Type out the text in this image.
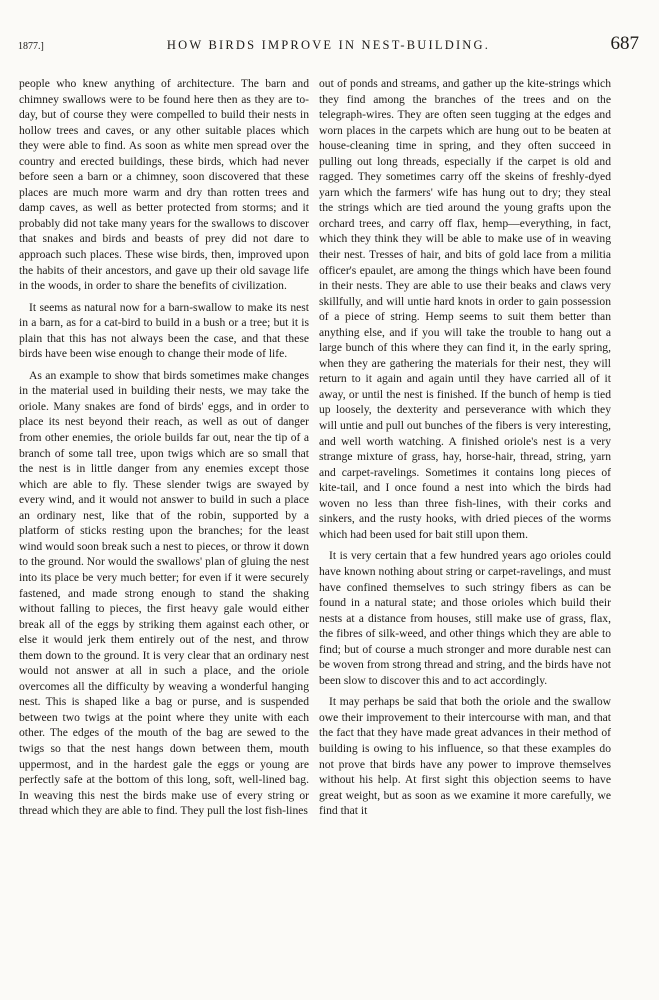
1877.]	HOW BIRDS IMPROVE IN NEST-BUILDING.	687

people who knew anything of architecture. The barn and chimney swallows were to be found here then as they are to-day, but of course they were compelled to build their nests in hollow trees and caves, or any other suitable places which they were able to find. As soon as white men spread over the country and erected buildings, these birds, which had never before seen a barn or a chimney, soon discovered that these places are much more warm and dry than rotten trees and damp caves, as well as better protected from storms; and it probably did not take many years for the swallows to discover that snakes and birds and beasts of prey did not dare to approach such places. These wise birds, then, improved upon the habits of their ancestors, and gave up their old savage life in the woods, in order to share the benefits of civilization.

It seems as natural now for a barn-swallow to make its nest in a barn, as for a cat-bird to build in a bush or a tree; but it is plain that this has not always been the case, and that these birds have been wise enough to change their mode of life.

As an example to show that birds sometimes make changes in the material used in building their nests, we may take the oriole. Many snakes are fond of birds' eggs, and in order to place its nest beyond their reach, as well as out of danger from other enemies, the oriole builds far out, near the tip of a branch of some tall tree, upon twigs which are so small that the nest is in little danger from any enemies except those which are able to fly. These slender twigs are swayed by every wind, and it would not answer to build in such a place an ordinary nest, like that of the robin, supported by a platform of sticks resting upon the branches; for the least wind would soon break such a nest to pieces, or throw it down to the ground. Nor would the swallows' plan of gluing the nest into its place be very much better; for even if it were securely fastened, and made strong enough to stand the shaking without falling to pieces, the first heavy gale would either break all of the eggs by striking them against each other, or else it would jerk them entirely out of the nest, and throw them down to the ground. It is very clear that an ordinary nest would not answer at all in such a place, and the oriole overcomes all the difficulty by weaving a wonderful hanging nest. This is shaped like a bag or purse, and is suspended between two twigs at the point where they unite with each other. The edges of the mouth of the bag are sewed to the twigs so that the nest hangs down between them, mouth uppermost, and in the hardest gale the eggs or young are perfectly safe at the bottom of this long, soft, well-lined bag. In weaving this nest the birds make use of every string or thread which they are able to find. They pull the lost fish-lines

out of ponds and streams, and gather up the kite-strings which they find among the branches of the trees and on the telegraph-wires. They are often seen tugging at the edges and worn places in the carpets which are hung out to be beaten at house-cleaning time in spring, and they often succeed in pulling out long threads, especially if the carpet is old and ragged. They sometimes carry off the skeins of freshly-dyed yarn which the farmers' wife has hung out to dry; they steal the strings which are tied around the young grafts upon the orchard trees, and carry off flax, hemp—everything, in fact, which they think they will be able to make use of in weaving their nest. Tresses of hair, and bits of gold lace from a militia officer's epaulet, are among the things which have been found in their nests. They are able to use their beaks and claws very skillfully, and will untie hard knots in order to gain possession of a piece of string. Hemp seems to suit them better than anything else, and if you will take the trouble to hang out a large bunch of this where they can find it, in the early spring, when they are gathering the materials for their nest, they will return to it again and again until they have carried all of it away, or until the nest is finished. If the bunch of hemp is tied up loosely, the dexterity and perseverance with which they will untie and pull out bunches of the fibers is very interesting, and well worth watching. A finished oriole's nest is a very strange mixture of grass, hay, horse-hair, thread, string, yarn and carpet-ravelings. Sometimes it contains long pieces of kite-tail, and I once found a nest into which the birds had woven no less than three fish-lines, with their corks and sinkers, and the rusty hooks, with dried pieces of the worms which had been used for bait still upon them.

It is very certain that a few hundred years ago orioles could have known nothing about string or carpet-ravelings, and must have confined themselves to such stringy fibers as can be found in a natural state; and those orioles which build their nests at a distance from houses, still make use of grass, flax, the fibres of silk-weed, and other things which they are able to find; but of course a much stronger and more durable nest can be woven from strong thread and string, and the birds have not been slow to discover this and to act accordingly.

It may perhaps be said that both the oriole and the swallow owe their improvement to their intercourse with man, and that the fact that they have made great advances in their method of building is owing to his influence, so that these examples do not prove that birds have any power to improve themselves without his help. At first sight this objection seems to have great weight, but as soon as we examine it more carefully, we find that it
